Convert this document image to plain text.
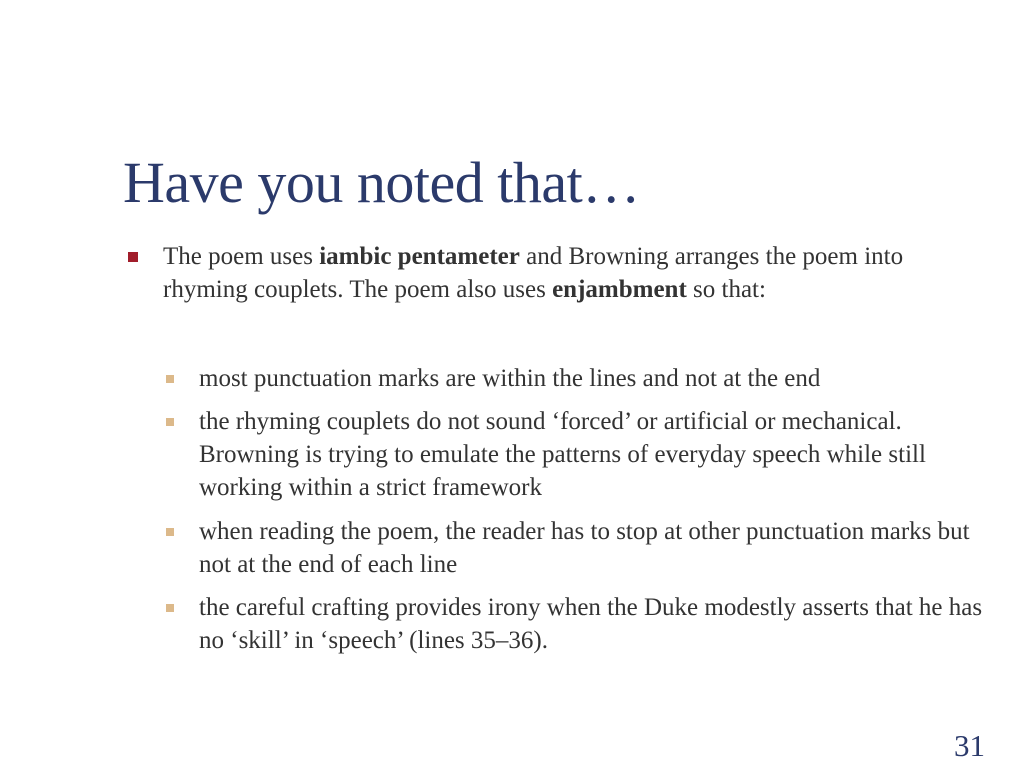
Have you noted that…
The poem uses iambic pentameter and Browning arranges the poem into rhyming couplets. The poem also uses enjambment so that:
most punctuation marks are within the lines and not at the end
the rhyming couplets do not sound ‘forced’ or artificial or mechanical. Browning is trying to emulate the patterns of everyday speech while still working within a strict framework
when reading the poem, the reader has to stop at other punctuation marks but not at the end of each line
the careful crafting provides irony when the Duke modestly asserts that he has no ‘skill’ in ‘speech’ (lines 35–36).
31
